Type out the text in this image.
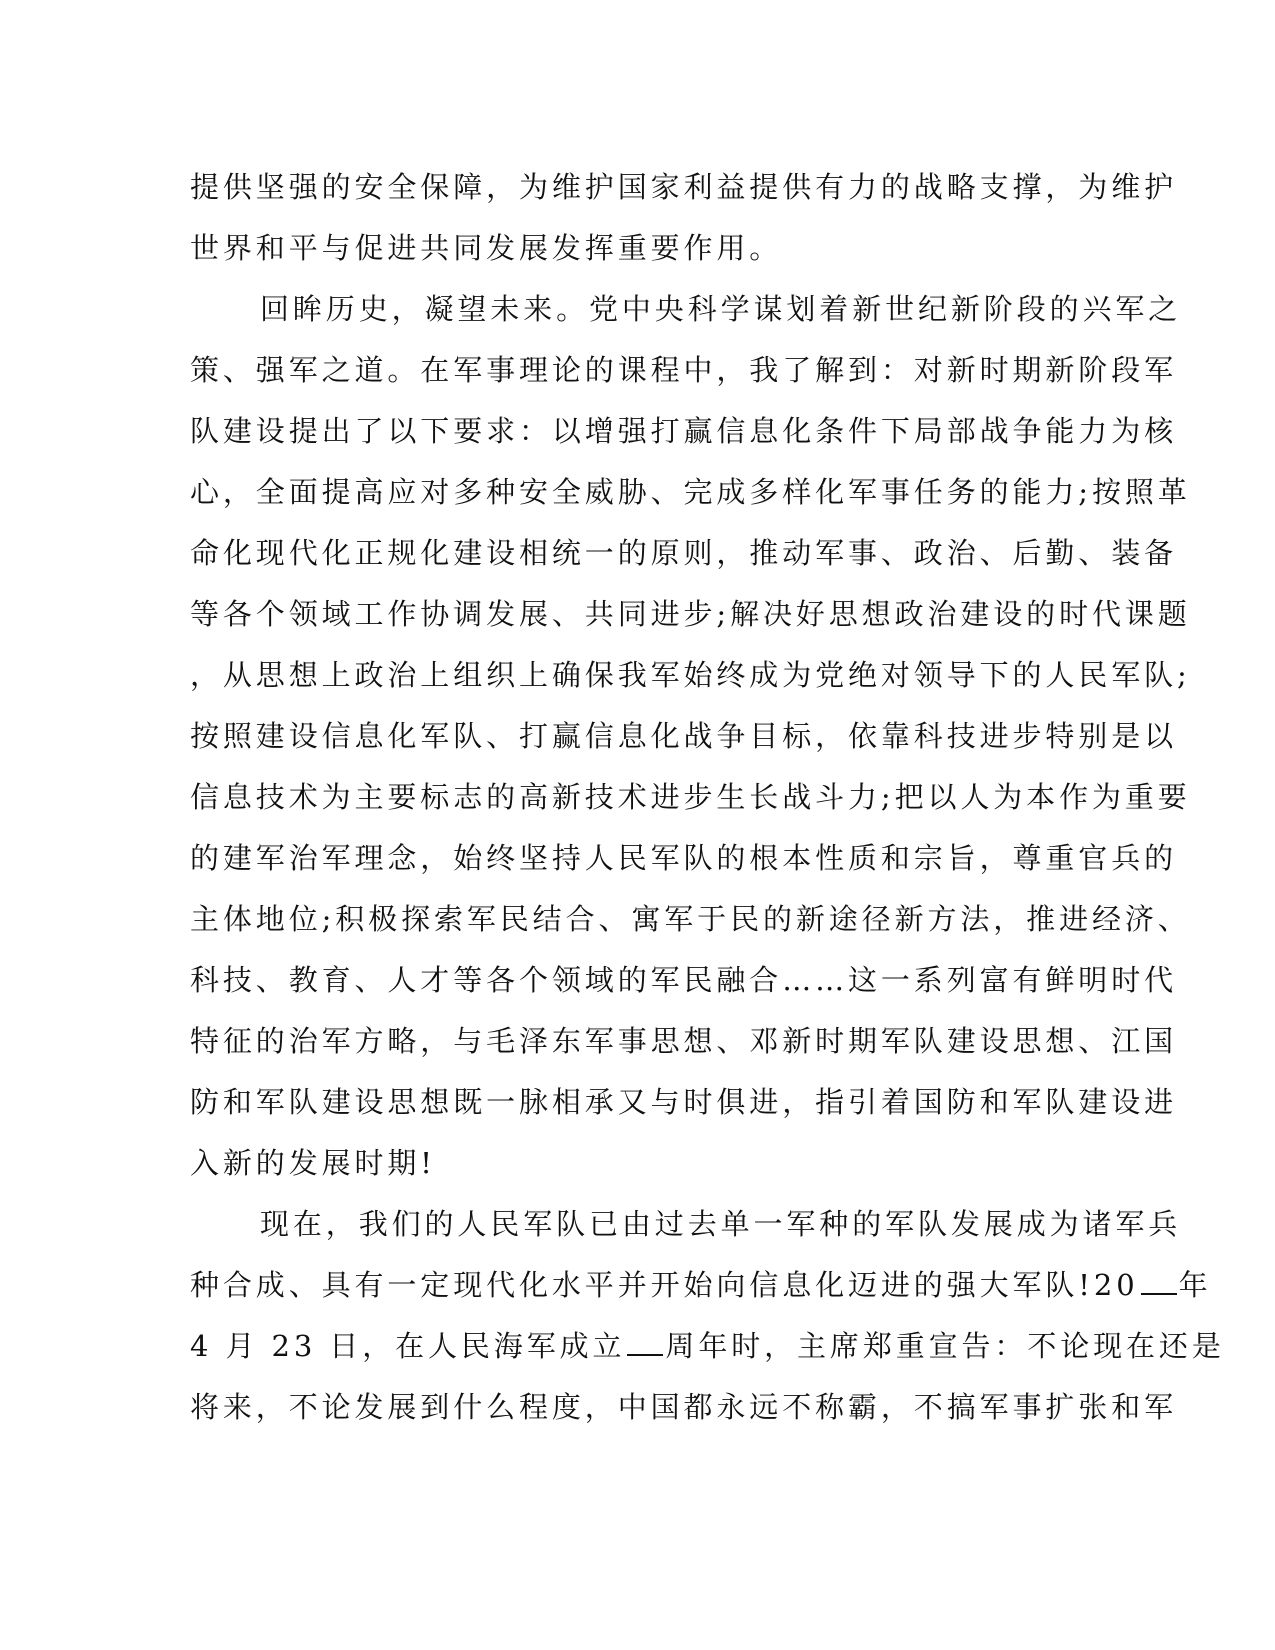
提供坚强的安全保障，为维护国家利益提供有力的战略支撑，为维护
世界和平与促进共同发展发挥重要作用。
回眸历史，凝望未来。党中央科学谋划着新世纪新阶段的兴军之
策、强军之道。在军事理论的课程中，我了解到：对新时期新阶段军
队建设提出了以下要求：以增强打赢信息化条件下局部战争能力为核
心，全面提高应对多种安全威胁、完成多样化军事任务的能力;按照革
命化现代化正规化建设相统一的原则，推动军事、政治、后勤、装备
等各个领域工作协调发展、共同进步;解决好思想政治建设的时代课题
，从思想上政治上组织上确保我军始终成为党绝对领导下的人民军队;
按照建设信息化军队、打赢信息化战争目标，依靠科技进步特别是以
信息技术为主要标志的高新技术进步生长战斗力;把以人为本作为重要
的建军治军理念，始终坚持人民军队的根本性质和宗旨，尊重官兵的
主体地位;积极探索军民结合、寓军于民的新途径新方法，推进经济、
科技、教育、人才等各个领域的军民融合……这一系列富有鲜明时代
特征的治军方略，与毛泽东军事思想、邓新时期军队建设思想、江国
防和军队建设思想既一脉相承又与时俱进，指引着国防和军队建设进
入新的发展时期!
现在，我们的人民军队已由过去单一军种的军队发展成为诸军兵
种合成、具有一定现代化水平并开始向信息化迈进的强大军队!20 年
4 月 23 日，在人民海军成立 周年时，主席郑重宣告：不论现在还是
将来，不论发展到什么程度，中国都永远不称霸，不搞军事扩张和军
